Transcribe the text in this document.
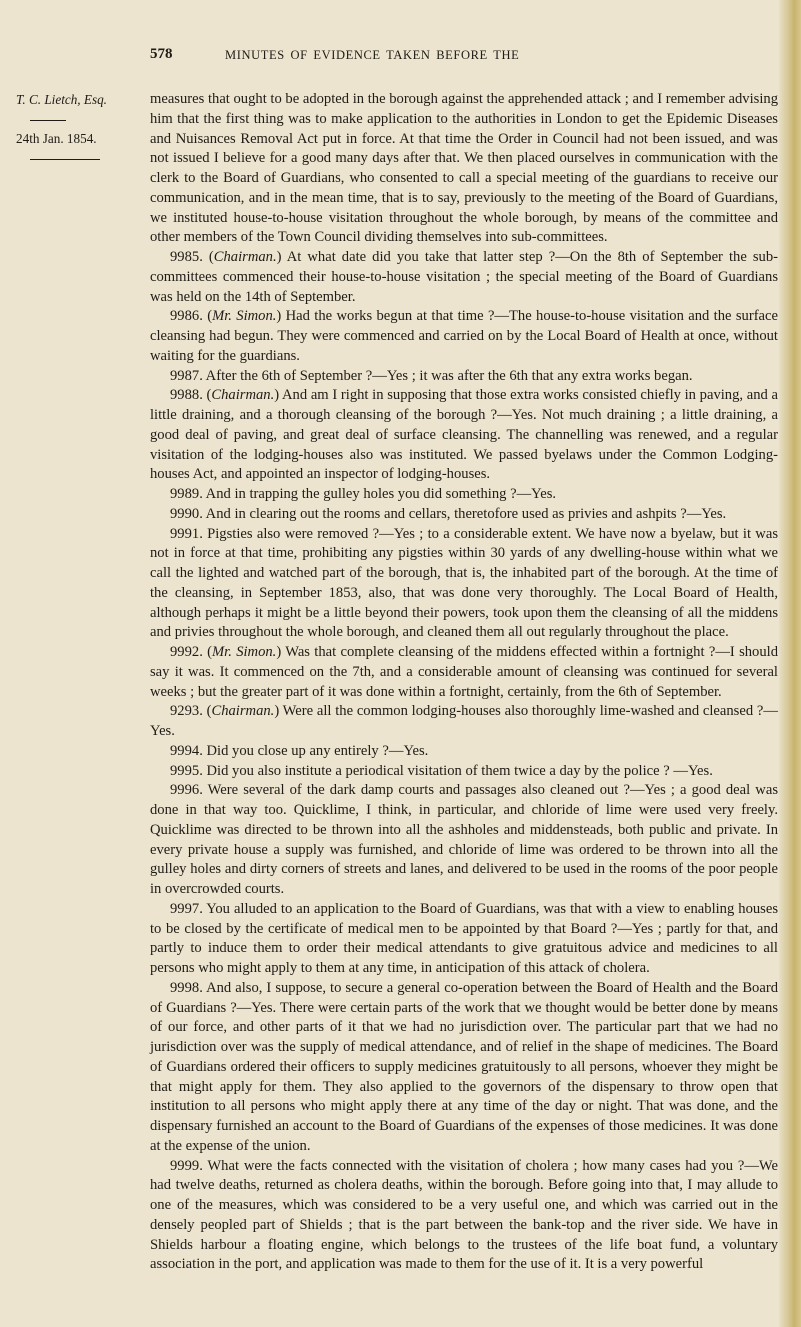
578	MINUTES OF EVIDENCE TAKEN BEFORE THE
T. C. Lietch, Esq.
24th Jan. 1854.

measures that ought to be adopted in the borough against the apprehended attack ; and I remember advising him that the first thing was to make application to the authorities in London to get the Epidemic Diseases and Nuisances Removal Act put in force. At that time the Order in Council had not been issued, and was not issued I believe for a good many days after that. We then placed ourselves in communication with the clerk to the Board of Guardians, who consented to call a special meeting of the guardians to receive our communication, and in the mean time, that is to say, previously to the meeting of the Board of Guardians, we instituted house-to-house visitation throughout the whole borough, by means of the committee and other members of the Town Council dividing themselves into sub-committees.

9985. (Chairman.) At what date did you take that latter step ?—On the 8th of September the sub-committees commenced their house-to-house visitation ; the special meeting of the Board of Guardians was held on the 14th of September.

9986. (Mr. Simon.) Had the works begun at that time ?—The house-to-house visitation and the surface cleansing had begun. They were commenced and carried on by the Local Board of Health at once, without waiting for the guardians.

9987. After the 6th of September ?—Yes ; it was after the 6th that any extra works began.

9988. (Chairman.) And am I right in supposing that those extra works consisted chiefly in paving, and a little draining, and a thorough cleansing of the borough ?—Yes. Not much draining ; a little draining, a good deal of paving, and great deal of surface cleansing. The channelling was renewed, and a regular visitation of the lodging-houses also was instituted. We passed byelaws under the Common Lodging-houses Act, and appointed an inspector of lodging-houses.

9989. And in trapping the gulley holes you did something ?—Yes.

9990. And in clearing out the rooms and cellars, theretofore used as privies and ashpits ?—Yes.

9991. Pigsties also were removed ?—Yes ; to a considerable extent. We have now a byelaw, but it was not in force at that time, prohibiting any pigsties within 30 yards of any dwelling-house within what we call the lighted and watched part of the borough, that is, the inhabited part of the borough. At the time of the cleansing, in September 1853, also, that was done very thoroughly. The Local Board of Health, although perhaps it might be a little beyond their powers, took upon them the cleansing of all the middens and privies throughout the whole borough, and cleaned them all out regularly throughout the place.

9992. (Mr. Simon.) Was that complete cleansing of the middens effected within a fortnight ?—I should say it was. It commenced on the 7th, and a considerable amount of cleansing was continued for several weeks ; but the greater part of it was done within a fortnight, certainly, from the 6th of September.

9293. (Chairman.) Were all the common lodging-houses also thoroughly lime-washed and cleansed ?—Yes.

9994. Did you close up any entirely ?—Yes.

9995. Did you also institute a periodical visitation of them twice a day by the police ? —Yes.

9996. Were several of the dark damp courts and passages also cleaned out ?—Yes ; a good deal was done in that way too. Quicklime, I think, in particular, and chloride of lime were used very freely. Quicklime was directed to be thrown into all the ashholes and middensteads, both public and private. In every private house a supply was furnished, and chloride of lime was ordered to be thrown into all the gulley holes and dirty corners of streets and lanes, and delivered to be used in the rooms of the poor people in overcrowded courts.

9997. You alluded to an application to the Board of Guardians, was that with a view to enabling houses to be closed by the certificate of medical men to be appointed by that Board ?—Yes ; partly for that, and partly to induce them to order their medical attendants to give gratuitous advice and medicines to all persons who might apply to them at any time, in anticipation of this attack of cholera.

9998. And also, I suppose, to secure a general co-operation between the Board of Health and the Board of Guardians ?—Yes. There were certain parts of the work that we thought would be better done by means of our force, and other parts of it that we had no jurisdiction over. The particular part that we had no jurisdiction over was the supply of medical attendance, and of relief in the shape of medicines. The Board of Guardians ordered their officers to supply medicines gratuitously to all persons, whoever they might be that might apply for them. They also applied to the governors of the dispensary to throw open that institution to all persons who might apply there at any time of the day or night. That was done, and the dispensary furnished an account to the Board of Guardians of the expenses of those medicines. It was done at the expense of the union.

9999. What were the facts connected with the visitation of cholera ; how many cases had you ?—We had twelve deaths, returned as cholera deaths, within the borough. Before going into that, I may allude to one of the measures, which was considered to be a very useful one, and which was carried out in the densely peopled part of Shields ; that is the part between the bank-top and the river side. We have in Shields harbour a floating engine, which belongs to the trustees of the life boat fund, a voluntary association in the port, and application was made to them for the use of it. It is a very powerful
